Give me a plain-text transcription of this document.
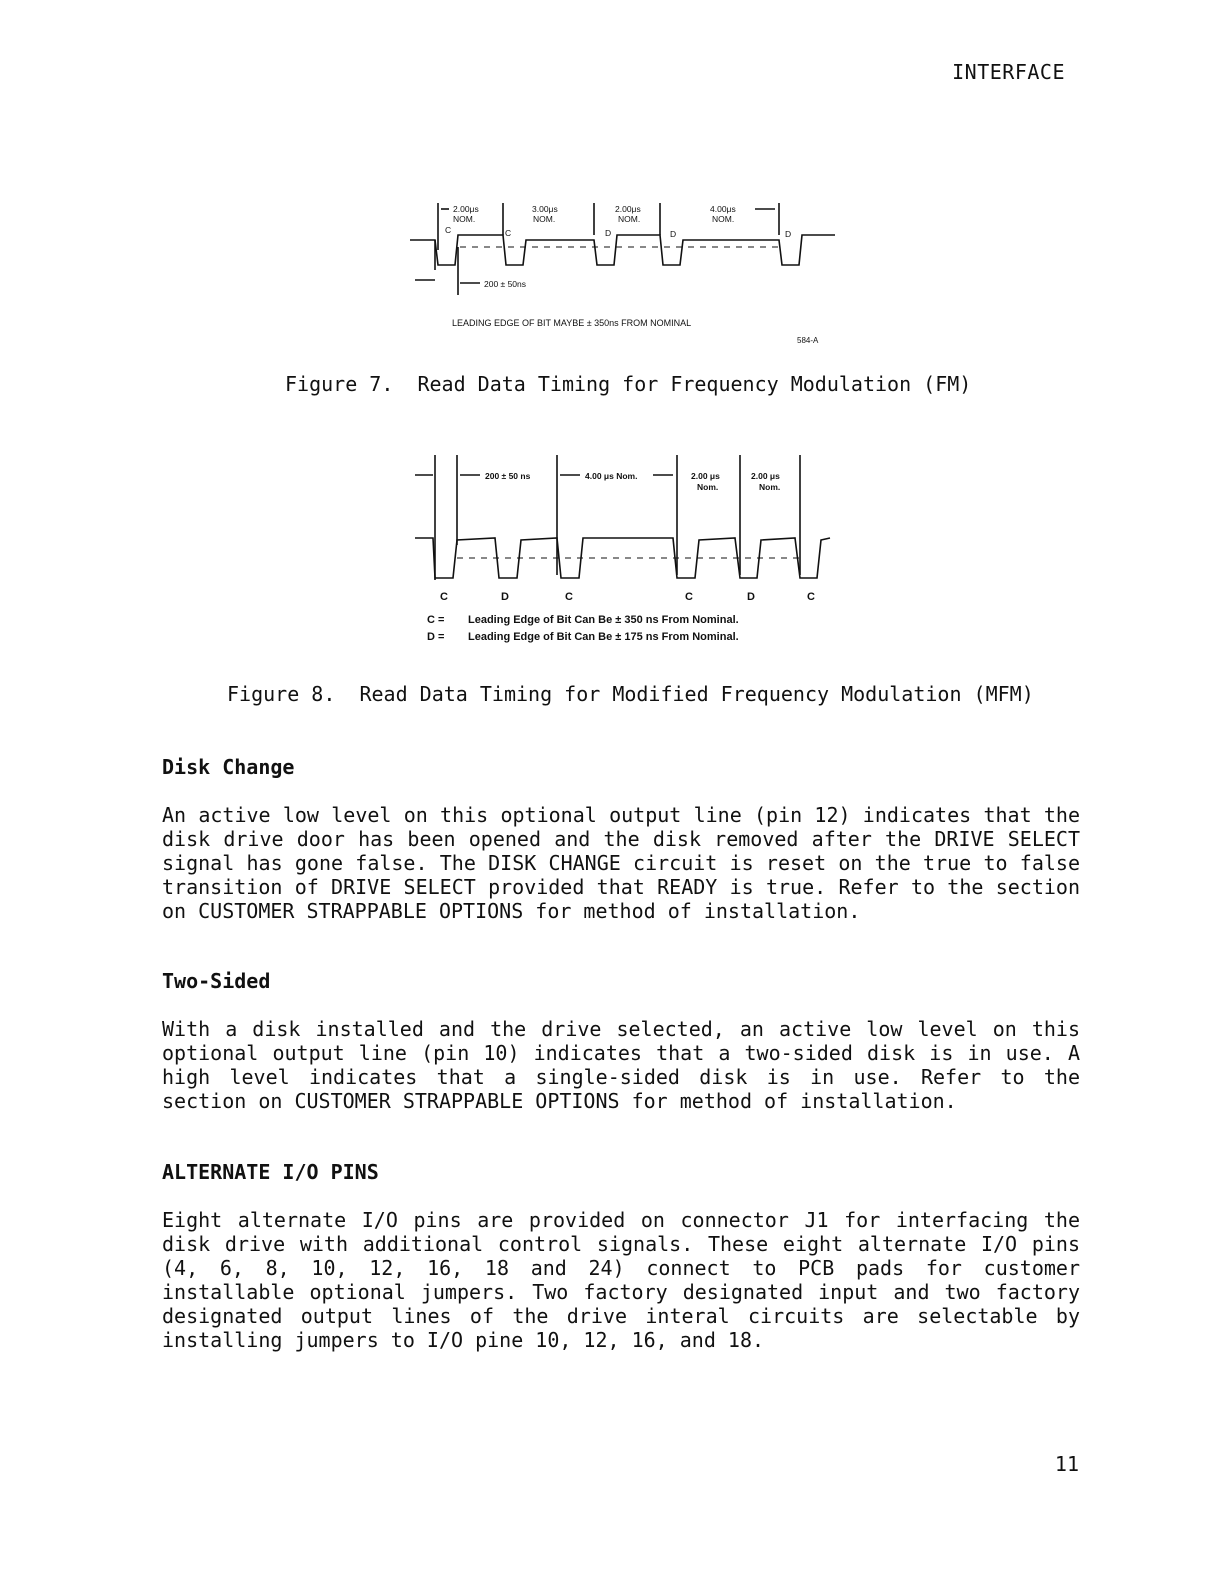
INTERFACE
2.00μs
NOM.
3.00μs
NOM.
2.00μs
NOM.
4.00μs
NOM.
C	C	D	D	D
200 ± 50ns
LEADING EDGE OF BIT MAYBE ± 350ns FROM NOMINAL
584-A
Figure 7.  Read Data Timing for Frequency Modulation (FM)
200 ± 50 ns	4.00 μs Nom.	2.00 μs	2.00 μs
Nom.	Nom.
C	D	C	C	D	C
C = Leading Edge of Bit Can Be ± 350 ns From Nominal.
D = Leading Edge of Bit Can Be ± 175 ns From Nominal.
Figure 8.  Read Data Timing for Modified Frequency Modulation (MFM)
Disk Change

An active low level on this optional output line (pin 12) indicates that the disk drive door has been opened and the disk removed after the DRIVE SELECT signal has gone false. The DISK CHANGE circuit is reset on the true to false transition of DRIVE SELECT provided that READY is true. Refer to the section on CUSTOMER STRAPPABLE OPTIONS for method of installation.

Two-Sided

With a disk installed and the drive selected, an active low level on this optional output line (pin 10) indicates that a two-sided disk is in use. A high level indicates that a single-sided disk is in use. Refer to the section on CUSTOMER STRAPPABLE OPTIONS for method of installation.

ALTERNATE I/O PINS

Eight alternate I/O pins are provided on connector J1 for interfacing the disk drive with additional control signals. These eight alternate I/O pins (4, 6, 8, 10, 12, 16, 18 and 24) connect to PCB pads for customer installable optional jumpers. Two factory designated input and two factory designated output lines of the drive interal circuits are selectable by installing jumpers to I/O pine 10, 12, 16, and 18.

11
